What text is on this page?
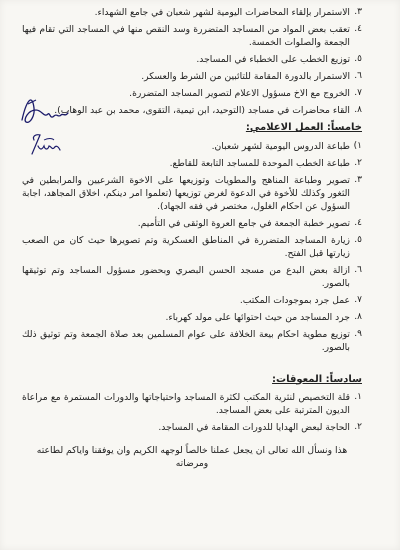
٣.
الاستمرار بإلقاء المحاضرات اليومية لشهر شعبان في جامع الشهداء.
٤.
تعقب بعض المواد من المساجد المتضررة وسد النقص منها في المساجد التي تقام فيها الجمعة والصلوات الخمسة.
٥.
توزيع الخطب على الخطباء في المساجد.
٦.
الاستمرار بالدورة المقامة للتائبين من الشرط والعسكر.
٧.
الخروج مع الاخ مسؤول الاعلام لتصوير المساجد المتضررة.
٨.
القاء محاضرات في مساجد (التوحيد، ابن تيمية، التقوى، محمد بن عبد الوهاب).
خامساً: العمل الاعلامي:
١)
طباعة الدروس اليومية لشهر شعبان.
٢.
طباعة الخطب الموحدة للمساجد التابعة للقاطع.
٣.
تصوير وطباعة المناهج والمطويات وتوزيعها على الاخوة الشرعيين والمرابطين في الثغور وكذلك للأخوة في الدعوة لغرض توزيعها (تعلموا امر دينكم، اخلاق المجاهد، اجابة السؤول عن احكام الغلول، مختصر في فقه الجهاد).
٤.
تصوير خطبة الجمعة في جامع العروة الوثقى في التأميم.
٥.
زيارة المساجد المتضررة في المناطق العسكرية وتم تصويرها حيث كان من الصعب زيارتها قبل الفتح.
٦.
ازالة بعض البدع من مسجد الحسن البصري وبحضور مسؤول المساجد وتم توثيقها بالصور.
٧.
عمل جرد بموجودات المكتب.
٨.
جرد المساجد من حيث احتوائها على مولد كهرباء.
٩.
توزيع مطوية احكام بيعة الخلافة على عوام المسلمين بعد صلاة الجمعة وتم توثيق ذلك بالصور.
سادساً: المعوقات:
١.
قلة التخصيص لنثرية المكتب لكثرة المساجد واحتياجاتها والدورات المستمرة مع مراعاة الديون المترتبة على بعض المساجد.
٢.
الحاجة لبعض الهدايا للدورات المقامة في المساجد.
هذا ونسأل الله تعالى ان يجعل عملنا خالصاً لوجهه الكريم وان يوفقنا واياكم لطاعته ومرضاته
